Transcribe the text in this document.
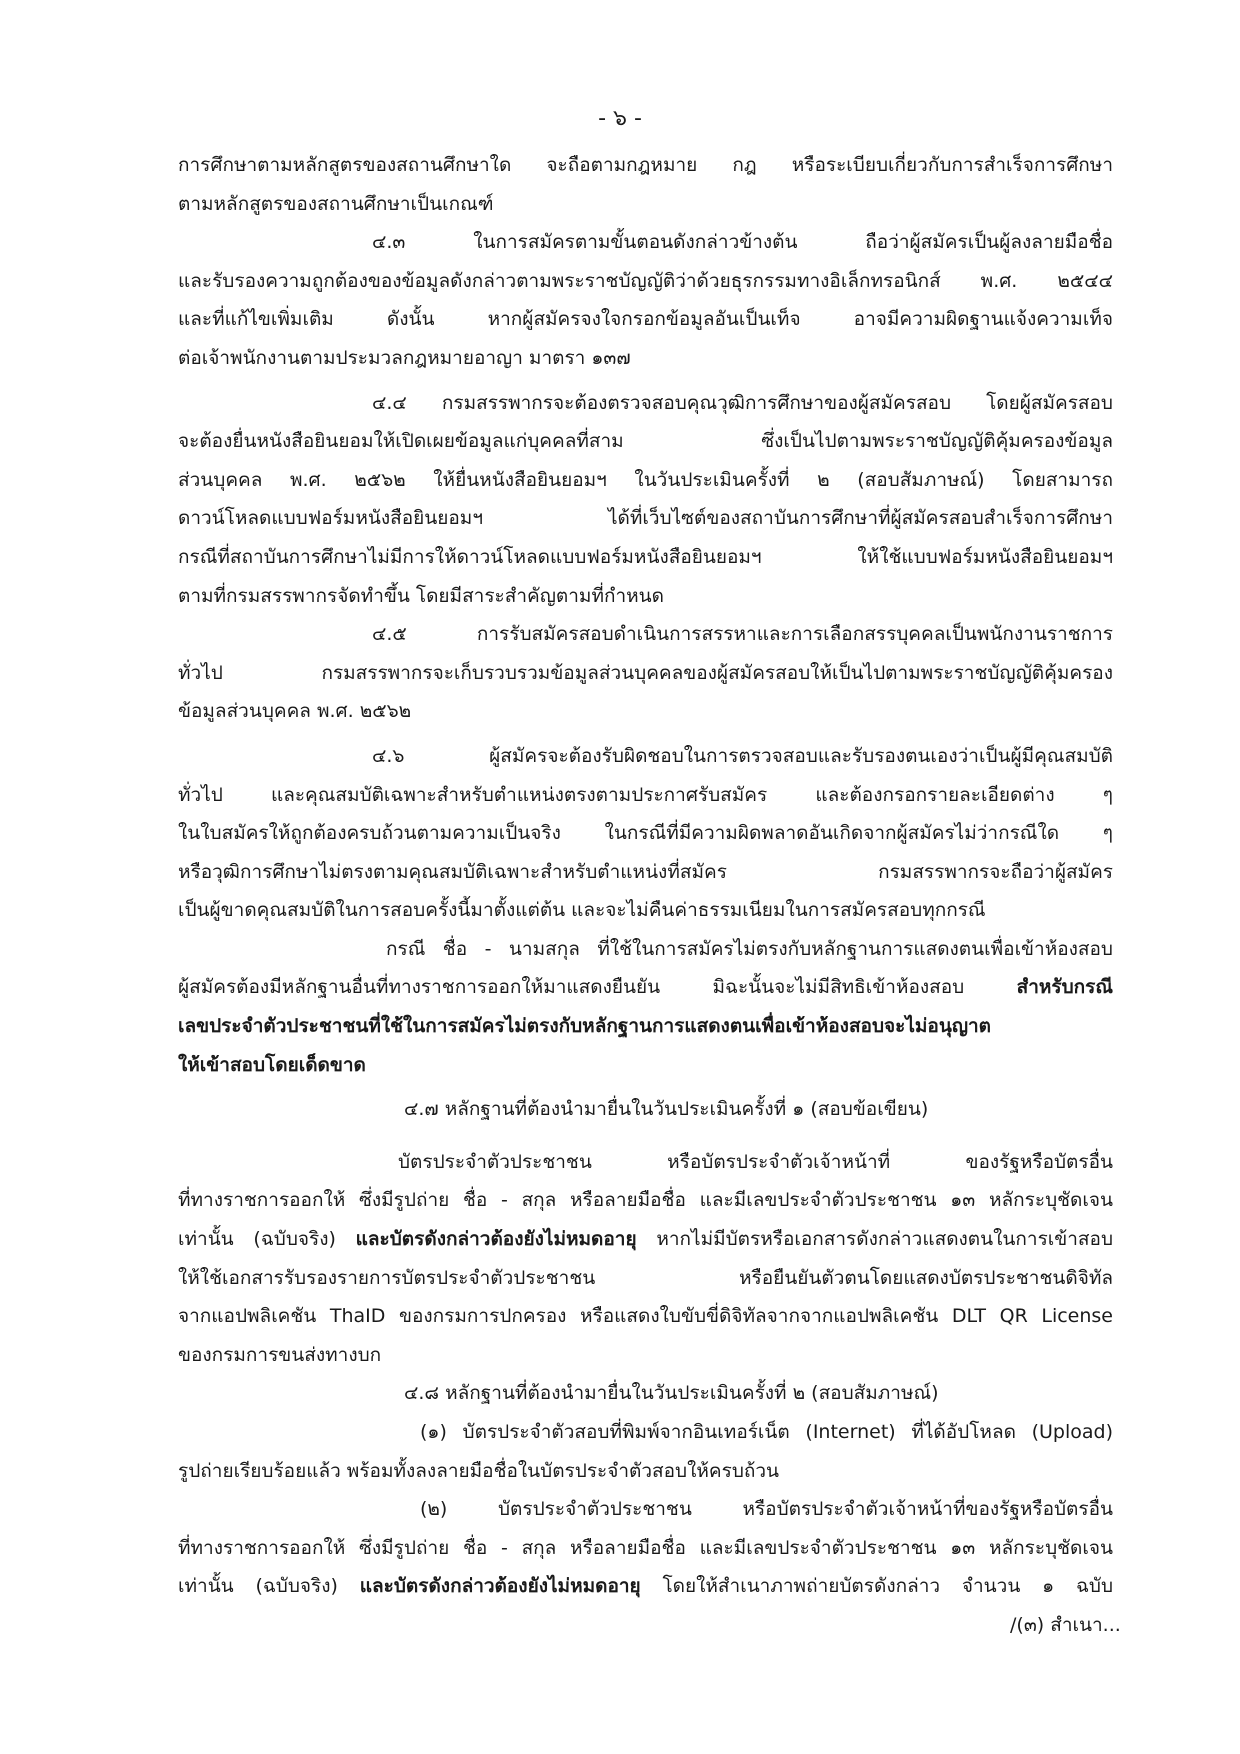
- ๖ -
การศึกษาตามหลักสูตรของสถานศึกษาใด จะถือตามกฎหมาย กฎ หรือระเบียบเกี่ยวกับการสำเร็จการศึกษา
ตามหลักสูตรของสถานศึกษาเป็นเกณฑ์
๔.๓ ในการสมัครตามขั้นตอนดังกล่าวข้างต้น ถือว่าผู้สมัครเป็นผู้ลงลายมือชื่อ
และรับรองความถูกต้องของข้อมูลดังกล่าวตามพระราชบัญญัติว่าด้วยธุรกรรมทางอิเล็กทรอนิกส์ พ.ศ. ๒๕๔๔
และที่แก้ไขเพิ่มเติม ดังนั้น หากผู้สมัครจงใจกรอกข้อมูลอันเป็นเท็จ อาจมีความผิดฐานแจ้งความเท็จ
ต่อเจ้าพนักงานตามประมวลกฎหมายอาญา มาตรา ๑๓๗
๔.๔ กรมสรรพากรจะต้องตรวจสอบคุณวุฒิการศึกษาของผู้สมัครสอบ โดยผู้สมัครสอบ
จะต้องยื่นหนังสือยินยอมให้เปิดเผยข้อมูลแก่บุคคลที่สาม ซึ่งเป็นไปตามพระราชบัญญัติคุ้มครองข้อมูล
ส่วนบุคคล พ.ศ. ๒๕๖๒ ให้ยื่นหนังสือยินยอมฯ ในวันประเมินครั้งที่ ๒ (สอบสัมภาษณ์) โดยสามารถ
ดาวน์โหลดแบบฟอร์มหนังสือยินยอมฯ ได้ที่เว็บไซต์ของสถาบันการศึกษาที่ผู้สมัครสอบสำเร็จการศึกษา
กรณีที่สถาบันการศึกษาไม่มีการให้ดาวน์โหลดแบบฟอร์มหนังสือยินยอมฯ ให้ใช้แบบฟอร์มหนังสือยินยอมฯ
ตามที่กรมสรรพากรจัดทำขึ้น โดยมีสาระสำคัญตามที่กำหนด
๔.๕ การรับสมัครสอบดำเนินการสรรหาและการเลือกสรรบุคคลเป็นพนักงานราชการ
ทั่วไป กรมสรรพากรจะเก็บรวบรวมข้อมูลส่วนบุคคลของผู้สมัครสอบให้เป็นไปตามพระราชบัญญัติคุ้มครอง
ข้อมูลส่วนบุคคล พ.ศ. ๒๕๖๒
๔.๖ ผู้สมัครจะต้องรับผิดชอบในการตรวจสอบและรับรองตนเองว่าเป็นผู้มีคุณสมบัติ
ทั่วไป และคุณสมบัติเฉพาะสำหรับตำแหน่งตรงตามประกาศรับสมัคร และต้องกรอกรายละเอียดต่าง ๆ
ในใบสมัครให้ถูกต้องครบถ้วนตามความเป็นจริง ในกรณีที่มีความผิดพลาดอันเกิดจากผู้สมัครไม่ว่ากรณีใด ๆ
หรือวุฒิการศึกษาไม่ตรงตามคุณสมบัติเฉพาะสำหรับตำแหน่งที่สมัคร กรมสรรพากรจะถือว่าผู้สมัคร
เป็นผู้ขาดคุณสมบัติในการสอบครั้งนี้มาตั้งแต่ต้น และจะไม่คืนค่าธรรมเนียมในการสมัครสอบทุกกรณี
กรณี ชื่อ - นามสกุล ที่ใช้ในการสมัครไม่ตรงกับหลักฐานการแสดงตนเพื่อเข้าห้องสอบ
ผู้สมัครต้องมีหลักฐานอื่นที่ทางราชการออกให้มาแสดงยืนยัน มิฉะนั้นจะไม่มีสิทธิเข้าห้องสอบ สำหรับกรณี
เลขประจำตัวประชาชนที่ใช้ในการสมัครไม่ตรงกับหลักฐานการแสดงตนเพื่อเข้าห้องสอบจะไม่อนุญาต
ให้เข้าสอบโดยเด็ดขาด
๔.๗ หลักฐานที่ต้องนำมายื่นในวันประเมินครั้งที่ ๑ (สอบข้อเขียน)
บัตรประจำตัวประชาชน หรือบัตรประจำตัวเจ้าหน้าที่ ของรัฐหรือบัตรอื่น
ที่ทางราชการออกให้ ซึ่งมีรูปถ่าย ชื่อ - สกุล หรือลายมือชื่อ และมีเลขประจำตัวประชาชน ๑๓ หลักระบุชัดเจน
เท่านั้น (ฉบับจริง) และบัตรดังกล่าวต้องยังไม่หมดอายุ หากไม่มีบัตรหรือเอกสารดังกล่าวแสดงตนในการเข้าสอบ
ให้ใช้เอกสารรับรองรายการบัตรประจำตัวประชาชน หรือยืนยันตัวตนโดยแสดงบัตรประชาชนดิจิทัล
จากแอปพลิเคชัน ThaID ของกรมการปกครอง หรือแสดงใบขับขี่ดิจิทัลจากจากแอปพลิเคชัน DLT QR License
ของกรมการขนส่งทางบก
๔.๘ หลักฐานที่ต้องนำมายื่นในวันประเมินครั้งที่ ๒ (สอบสัมภาษณ์)
(๑) บัตรประจำตัวสอบที่พิมพ์จากอินเทอร์เน็ต (Internet) ที่ได้อัปโหลด (Upload)
รูปถ่ายเรียบร้อยแล้ว พร้อมทั้งลงลายมือชื่อในบัตรประจำตัวสอบให้ครบถ้วน
(๒) บัตรประจำตัวประชาชน หรือบัตรประจำตัวเจ้าหน้าที่ของรัฐหรือบัตรอื่น
ที่ทางราชการออกให้ ซึ่งมีรูปถ่าย ชื่อ - สกุล หรือลายมือชื่อ และมีเลขประจำตัวประชาชน ๑๓ หลักระบุชัดเจน
เท่านั้น (ฉบับจริง) และบัตรดังกล่าวต้องยังไม่หมดอายุ โดยให้สำเนาภาพถ่ายบัตรดังกล่าว จำนวน ๑ ฉบับ
/(๓) สำเนา...
